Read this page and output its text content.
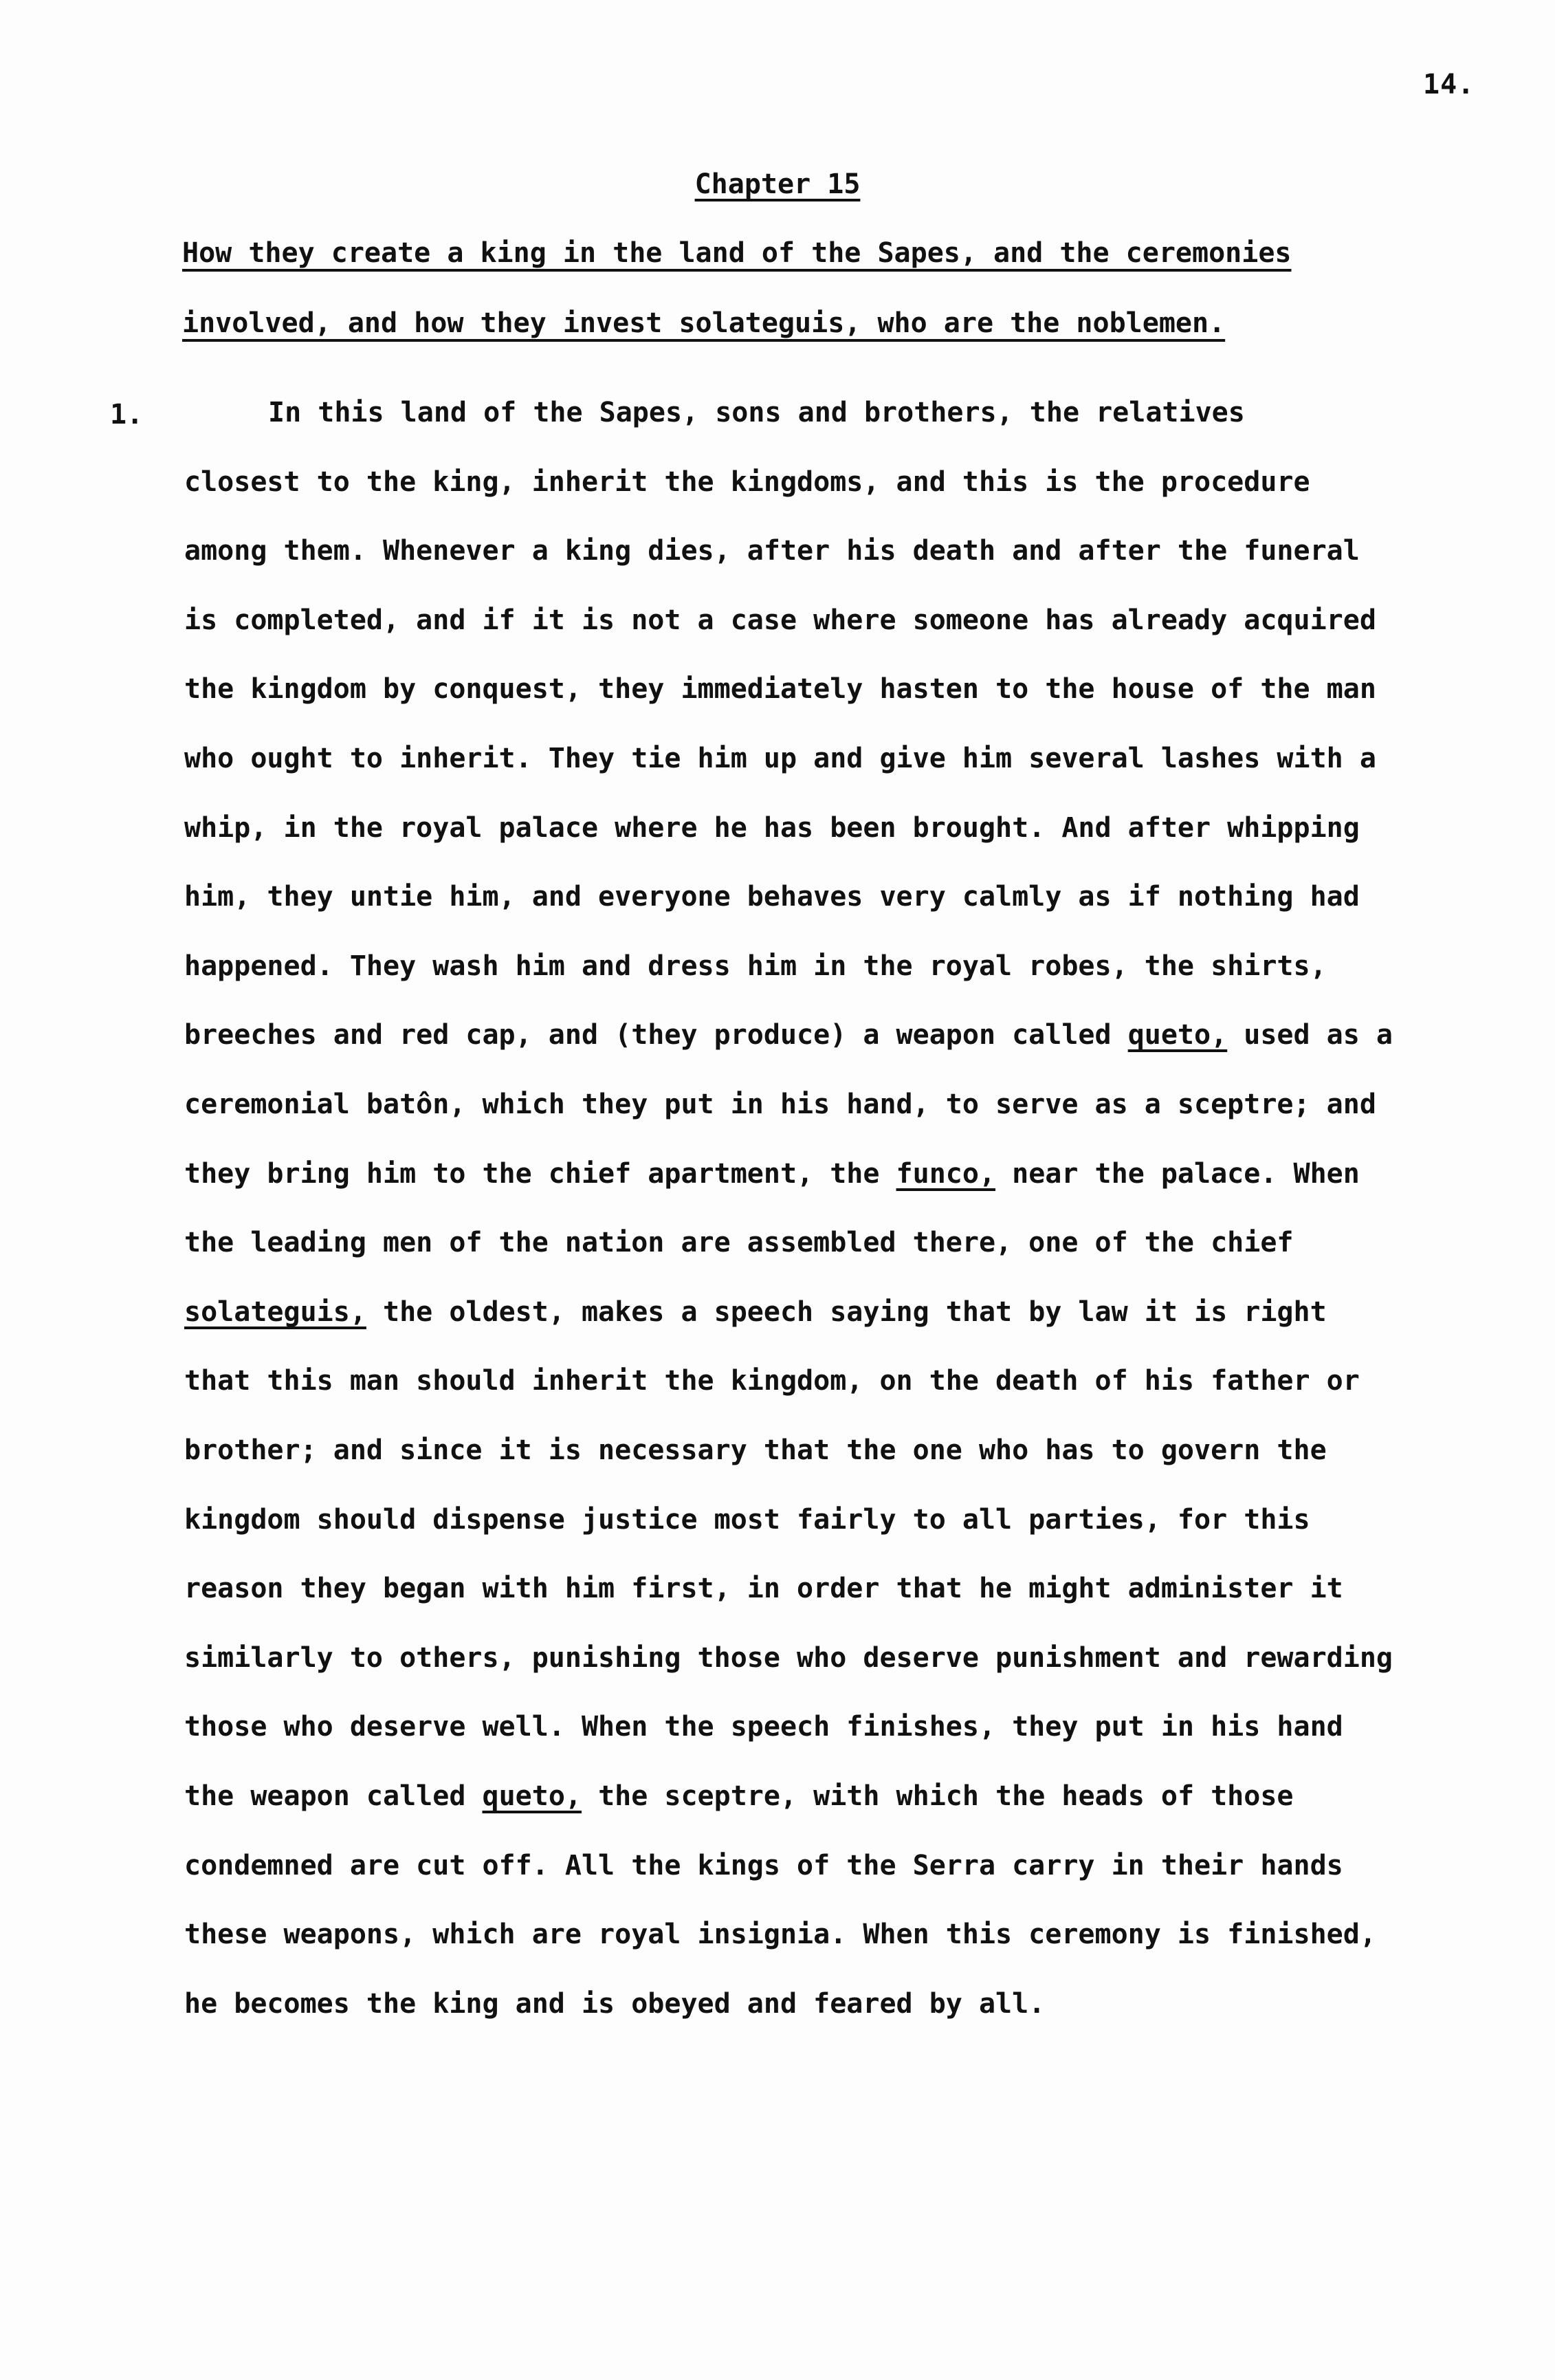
14.
Chapter 15
How they create a king in the land of the Sapes, and the ceremonies
involved, and how they invest solateguis, who are the noblemen.
1.	In this land of the Sapes, sons and brothers, the relatives
closest to the king, inherit the kingdoms, and this is the procedure
among them. Whenever a king dies, after his death and after the funeral
is completed, and if it is not a case where someone has already acquired
the kingdom by conquest, they immediately hasten to the house of the man
who ought to inherit. They tie him up and give him several lashes with a
whip, in the royal palace where he has been brought. And after whipping
him, they untie him, and everyone behaves very calmly as if nothing had
happened. They wash him and dress him in the royal robes, the shirts,
breeches and red cap, and (they produce) a weapon called queto, used as a
ceremonial batôn, which they put in his hand, to serve as a sceptre; and
they bring him to the chief apartment, the funco, near the palace. When
the leading men of the nation are assembled there, one of the chief
solateguis, the oldest, makes a speech saying that by law it is right
that this man should inherit the kingdom, on the death of his father or
brother; and since it is necessary that the one who has to govern the
kingdom should dispense justice most fairly to all parties, for this
reason they began with him first, in order that he might administer it
similarly to others, punishing those who deserve punishment and rewarding
those who deserve well. When the speech finishes, they put in his hand
the weapon called queto, the sceptre, with which the heads of those
condemned are cut off. All the kings of the Serra carry in their hands
these weapons, which are royal insignia. When this ceremony is finished,
he becomes the king and is obeyed and feared by all.
